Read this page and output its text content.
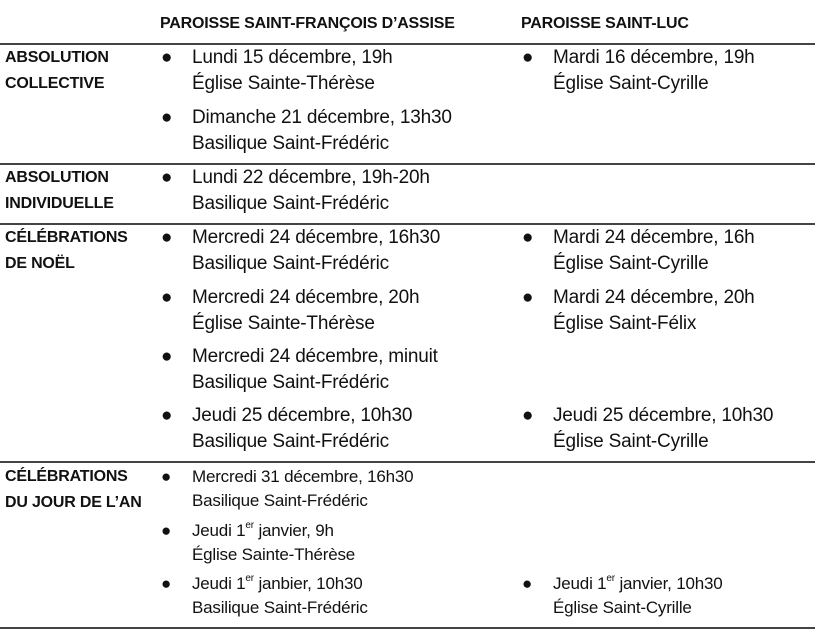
PAROISSE SAINT-FRANÇOIS D’ASSISE	PAROISSE SAINT-LUC
ABSOLUTION
COLLECTIVE
● Lundi 15 décembre, 19h
Église Sainte-Thérèse
● Dimanche 21 décembre, 13h30
Basilique Saint-Frédéric
● Mardi 16 décembre, 19h
Église Saint-Cyrille
ABSOLUTION
INDIVIDUELLE
● Lundi 22 décembre, 19h-20h
Basilique Saint-Frédéric
CÉLÉBRATIONS
DE NOËL
● Mercredi 24 décembre, 16h30
Basilique Saint-Frédéric
● Mercredi 24 décembre, 20h
Église Sainte-Thérèse
● Mercredi 24 décembre, minuit
Basilique Saint-Frédéric
● Jeudi 25 décembre, 10h30
Basilique Saint-Frédéric
● Mardi 24 décembre, 16h
Église Saint-Cyrille
● Mardi 24 décembre, 20h
Église Saint-Félix
● Jeudi 25 décembre, 10h30
Église Saint-Cyrille
CÉLÉBRATIONS
DU JOUR DE L’AN
● Mercredi 31 décembre, 16h30
Basilique Saint-Frédéric
● Jeudi 1er janvier, 9h
Église Sainte-Thérèse
● Jeudi 1er janbier, 10h30
Basilique Saint-Frédéric
● Jeudi 1er janvier, 10h30
Église Saint-Cyrille
